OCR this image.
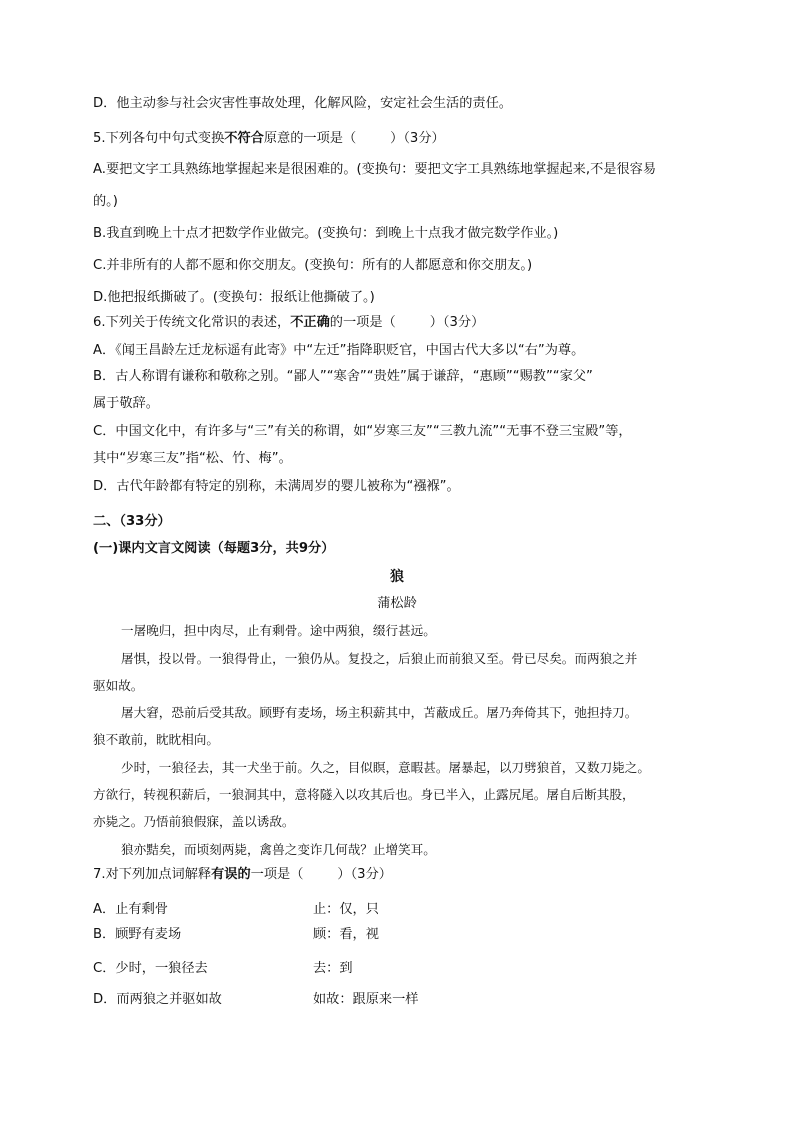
D．他主动参与社会灾害性事故处理，化解风险，安定社会生活的责任。
5.下列各句中句式变换不符合原意的一项是（	）（3分）
A.要把文字工具熟练地掌握起来是很困难的。(变换句：要把文字工具熟练地掌握起来,不是很容易
的。)
B.我直到晚上十点才把数学作业做完。(变换句：到晚上十点我才做完数学作业。)
C.并非所有的人都不愿和你交朋友。(变换句：所有的人都愿意和你交朋友。)
D.他把报纸撕破了。(变换句：报纸让他撕破了。)
6.下列关于传统文化常识的表述，不正确的一项是（	）（3分）
A．《闻王昌龄左迁龙标遥有此寄》中“左迁”指降职贬官，中国古代大多以“右”为尊。
B．古人称谓有谦称和敬称之别。“鄙人”“寒舍”“贵姓”属于谦辞，“惠顾”“赐教”“家父”
属于敬辞。
C．中国文化中，有许多与“三”有关的称谓，如“岁寒三友”“三教九流”“无事不登三宝殿”等，
其中“岁寒三友”指“松、竹、梅”。
D．古代年龄都有特定的别称，未满周岁的婴儿被称为“襁褓”。
二、（33分）
(一)课内文言文阅读（每题3分，共9分）
狼
蒲松龄
一屠晚归，担中肉尽，止有剩骨。途中两狼，缀行甚远。
屠惧，投以骨。一狼得骨止，一狼仍从。复投之，后狼止而前狼又至。骨已尽矣。而两狼之并
驱如故。
屠大窘，恐前后受其敌。顾野有麦场，场主积薪其中，苫蔽成丘。屠乃奔倚其下，弛担持刀。
狼不敢前，眈眈相向。
少时，一狼径去，其一犬坐于前。久之，目似瞑，意暇甚。屠暴起，以刀劈狼首，又数刀毙之。
方欲行，转视积薪后，一狼洞其中，意将隧入以攻其后也。身已半入，止露尻尾。屠自后断其股，
亦毙之。乃悟前狼假寐，盖以诱敌。
狼亦黠矣，而顷刻两毙，禽兽之变诈几何哉？止增笑耳。
7.对下列加点词解释有误的一项是（	）（3分）
A．止有剩骨	止：仅，只
B．顾野有麦场	顾：看，视
C．少时，一狼径去	去：到
D．而两狼之并驱如故	如故：跟原来一样
